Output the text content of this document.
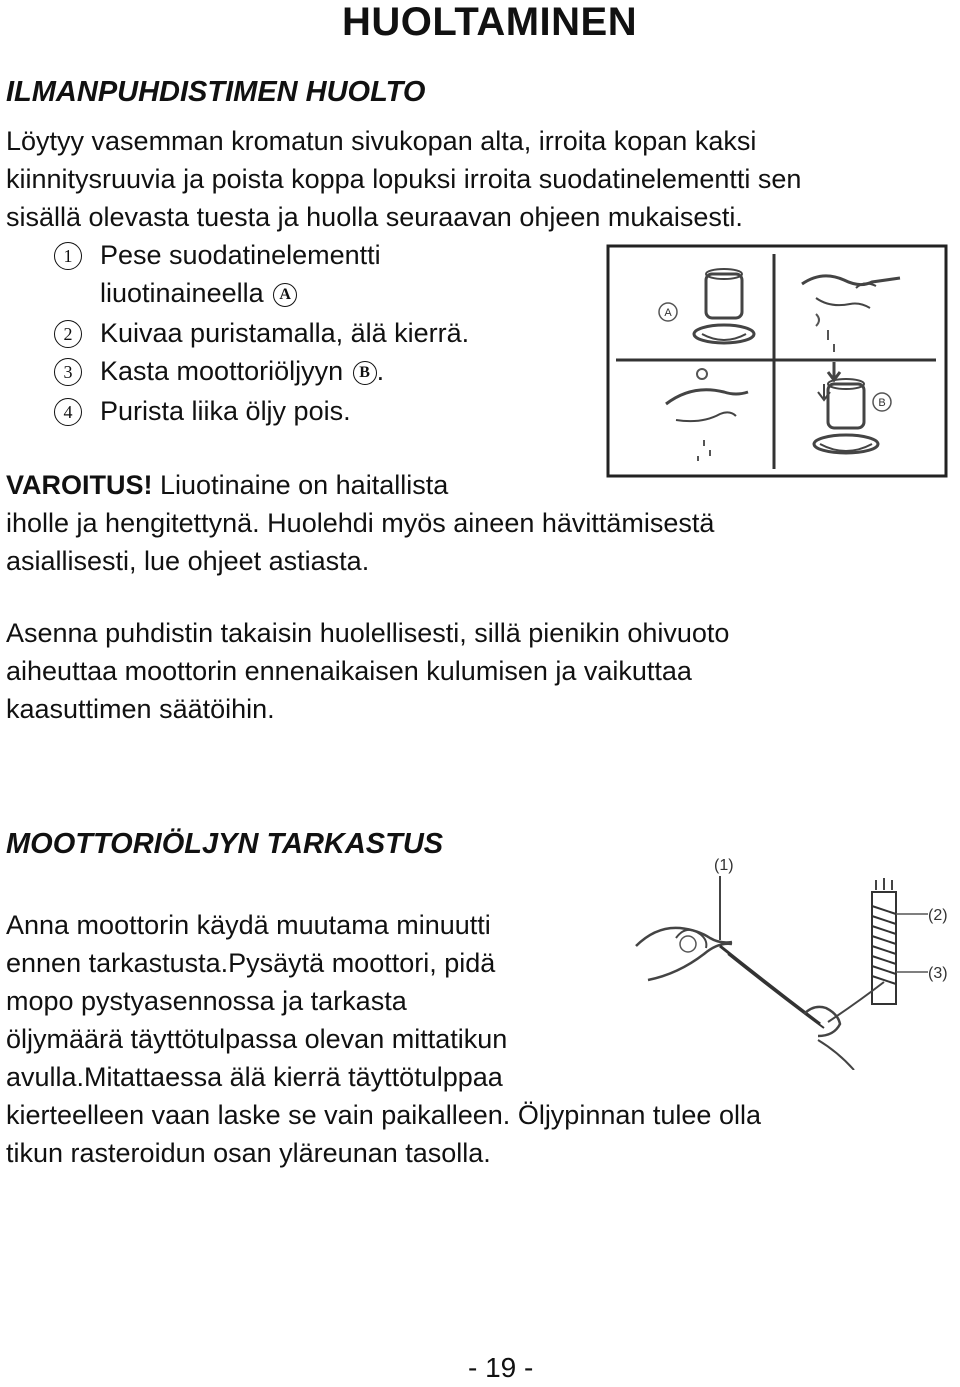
HUOLTAMINEN
ILMANPUHDISTIMEN HUOLTO
Löytyy vasemman kromatun sivukopan alta, irroita kopan kaksi
kiinnitysruuvia ja poista koppa lopuksi irroita suodatinelementti sen
sisällä olevasta tuesta ja huolla seuraavan ohjeen mukaisesti.
1	Pese suodatinelementti
liuotinaineella A
2	Kuivaa puristamalla, älä kierrä.
3	Kasta moottoriöljyyn B .
4	Purista liika öljy pois.
VAROITUS! Liuotinaine on haitallista
iholle ja hengitettynä. Huolehdi myös aineen hävittämisestä
asiallisesti, lue ohjeet astiasta.
Asenna puhdistin takaisin huolellisesti, sillä pienikin ohivuoto
aiheuttaa moottorin ennenaikaisen kulumisen ja vaikuttaa
kaasuttimen säätöihin.
A
B
MOOTTORIÖLJYN TARKASTUS
Anna moottorin käydä muutama minuutti
ennen tarkastusta.Pysäytä moottori, pidä
mopo pystyasennossa ja tarkasta
öljymäärä täyttötulpassa olevan mittatikun
avulla.Mitattaessa älä kierrä täyttötulppaa
kierteelleen vaan laske se vain paikalleen. Öljypinnan tulee olla
tikun rasteroidun osan yläreunan tasolla.
(1)
(2)
(3)
- 19 -
